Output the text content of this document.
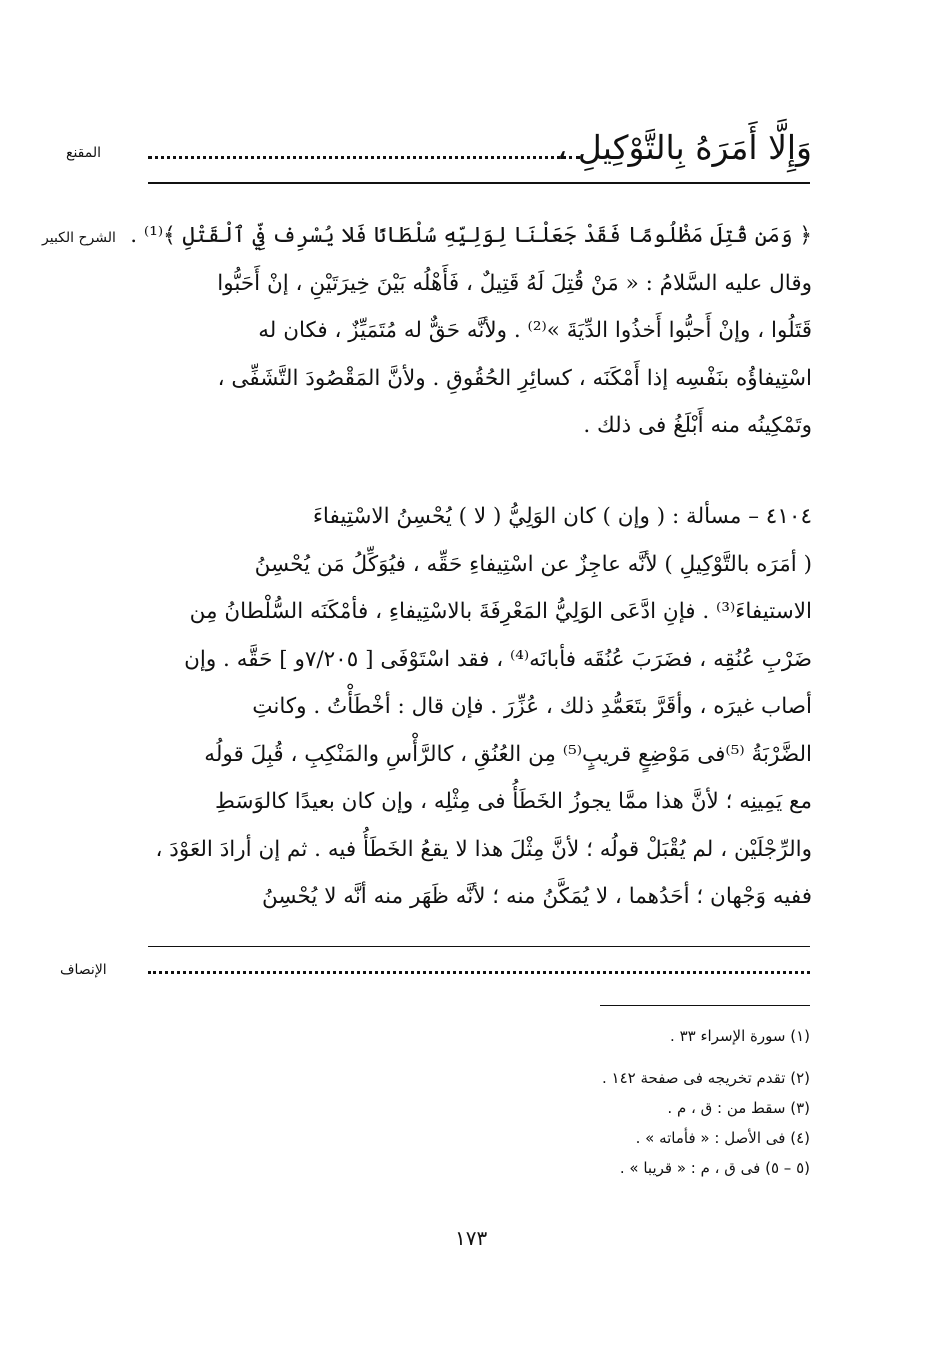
وَإِلَّا أَمَرَهُ بِالتَّوْكِيلِ ،
المقنع
الشرح الكبير ﴿ وَمَن قُتِلَ مَظْلُومًا فَقَدْ جَعَلْنَا لِوَلِيِّهِ سُلْطَانًا فَلا يُسْرِف فِّي ٱلْقَتْلِ ﴾⁽¹⁾ .
وقال عليه السَّلامُ : « مَنْ قُتِلَ لَهُ قَتِيلٌ ، فَأَهْلُه بَيْنَ خِيرَتَيْنِ ، إنْ أَحَبُّوا
قَتَلُوا ، وإنْ أَحبُّوا أَخذُوا الدِّيَةَ »⁽²⁾ . ولأنَّه حَقٌّ له مُتَمَيِّزٌ ، فكان له
اسْتِيفاؤُه بنَفْسِه إذا أَمْكَنَه ، كسائِرِ الحُقُوقِ . ولأنَّ المَقْصُودَ التَّشَفِّى ،
وتَمْكِينُه منه أَبْلَغُ فى ذلك .
٤١٠٤ – مسألة : ( وإن ) كان الوَلِيُّ ( لا ) يُحْسِنُ الاسْتِيفاءَ
( أمَرَه بالتَّوْكِيلِ ) لأنَّه عاجِزٌ عن اسْتِيفاءِ حَقِّه ، فيُوَكِّلُ مَن يُحْسِنُ
الاستيفاءَ⁽³⁾ . فإنِ ادَّعَى الوَلِيُّ المَعْرِفَةَ بالاسْتِيفاءِ ، فأمْكَنَه السُّلْطانُ مِن
ضَرْبِ عُنُقِه ، فضَرَبَ عُنُقَه فأبانَه⁽⁴⁾ ، فقد اسْتَوْفَى [ ٧/٢٠٥و ] حَقَّه . وإن
أصاب غيرَه ، وأقَرَّ بتَعَمُّدِ ذلك ، عُزِّرَ . فإن قال : أخْطَأْتُ . وكانتِ
الضَّرْبَةُ ⁽⁵⁾فى مَوْضِعٍ قريبٍ⁽⁵⁾ مِن العُنُقِ ، كالرَّأْسِ والمَنْكِبِ ، قُبِلَ قولُه
مع يَمِينِه ؛ لأنَّ هذا ممَّا يجوزُ الخَطَأُ فى مِثْلِه ، وإن كان بعيدًا كالوَسَطِ
والرِّجْلَيْن ، لم يُقْبَلْ قولُه ؛ لأنَّ مِثْلَ هذا لا يقعُ الخَطَأُ فيه . ثم إن أرادَ العَوْدَ ،
ففيه وَجْهان ؛ أحَدُهما ، لا يُمَكَّنُ منه ؛ لأنَّه ظَهَر منه أنَّه لا يُحْسِنُ
الإنصاف
(١) سورة الإسراء ٣٣ .
(٢) تقدم تخريجه فى صفحة ١٤٢ .
(٣) سقط من : ق ، م .
(٤) فى الأصل : « فأماته » .
(٥ – ٥) فى ق ، م : « قريبا » .
١٧٣
